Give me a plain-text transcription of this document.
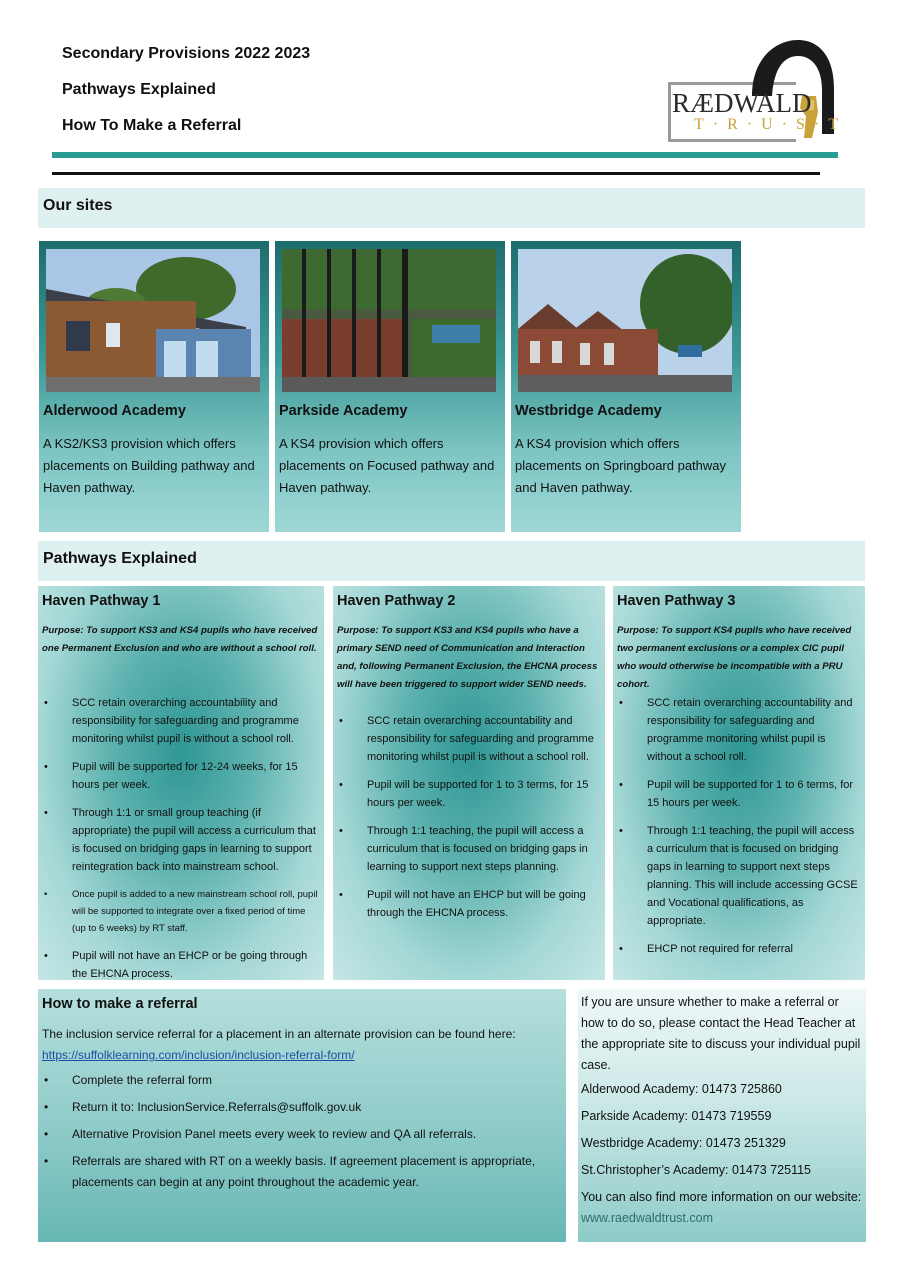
Secondary Provisions 2022 2023
Pathways Explained
How To Make a Referral
RÆDWALD
T·R·U·S·T
Our sites
Alderwood Academy

A KS2/KS3 provision which offers placements on Building pathway and Haven pathway.

Parkside Academy

A KS4 provision which offers placements on Focused pathway and Haven pathway.

Westbridge Academy

A KS4 provision which offers placements on Springboard pathway and Haven pathway.

Pathways Explained
Haven Pathway 1
Purpose: To support KS3 and KS4 pupils who have received one Permanent Exclusion and who are without a school roll.
• SCC retain overarching accountability and responsibility for safeguarding and programme monitoring whilst pupil is without a school roll.
• Pupil will be supported for 12-24 weeks, for 15 hours per week.
• Through 1:1 or small group teaching (if appropriate) the pupil will access a curriculum that is focused on bridging gaps in learning to support reintegration back into mainstream school.
• Once pupil is added to a new mainstream school roll, pupil will be supported to integrate over a fixed period of time (up to 6 weeks) by RT staff.
• Pupil will not have an EHCP or be going through the EHCNA process.
Haven Pathway 2
Purpose: To support KS3 and KS4 pupils who have a primary SEND need of Communication and Interaction and, following Permanent Exclusion, the EHCNA process will have been triggered to support wider SEND needs.
• SCC retain overarching accountability and responsibility for safeguarding and programme monitoring whilst pupil is without a school roll.
• Pupil will be supported for 1 to 3 terms, for 15 hours per week.
• Through 1:1 teaching, the pupil will access a curriculum that is focused on bridging gaps in learning to support next steps planning.
• Pupil will not have an EHCP but will be going through the EHCNA process.
Haven Pathway 3
Purpose: To support KS4 pupils who have received two permanent exclusions or a complex CIC pupil who would otherwise be incompatible with a PRU cohort.
• SCC retain overarching accountability and responsibility for safeguarding and programme monitoring whilst pupil is without a school roll.
• Pupil will be supported for 1 to 6 terms, for 15 hours per week.
• Through 1:1 teaching, the pupil will access a curriculum that is focused on bridging gaps in learning to support next steps planning. This will include accessing GCSE and Vocational qualifications, as appropriate.
• EHCP not required for referral
How to make a referral
The inclusion service referral for a placement in an alternate provision can be found here:
https://suffolklearning.com/inclusion/inclusion-referral-form/
• Complete the referral form
• Return it to: InclusionService.Referrals@suffolk.gov.uk
• Alternative Provision Panel meets every week to review and QA all referrals.
• Referrals are shared with RT on a weekly basis. If agreement placement is appropriate, placements can begin at any point throughout the academic year.

If you are unsure whether to make a referral or how to do so, please contact the Head Teacher at the appropriate site to discuss your individual pupil case.

Alderwood Academy: 01473 725860

Parkside Academy: 01473 719559

Westbridge Academy: 01473 251329

St.Christopher’s Academy: 01473 725115

You can also find more information on our website: www.raedwaldtrust.com
